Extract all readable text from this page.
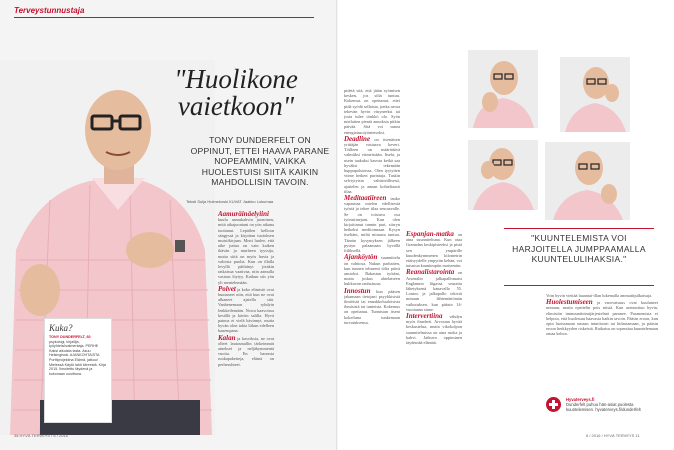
Terveystunnustaja
"Huolikone
vaietkoon"
TONY DUNDERFELT ON OPPINUT, ETTEI HAAVA PARANE NOPEAMMIN, VAIKKA HUOLESTUISI SIITÄ KAIKIN MAHDOLLISIN TAVOIN.
Teksti Sulja Hulmekoski KUVAT Jaakko Lukumaa

Aamuräinäelyiini kuulu aamukahvin juominen, mitä aikajuontani on yön aikana tuottanut. Lepäilen kelloon sängyssä ja kirjoitan tuotoksen muistikirjaan. Moni luulee, että aihe juttua on vain kaiken ikävän ja murheen tyyssija, mutta siitä on myös huvia ja valoisia puolia. Kun on illalla levyllä päihtinyt jotakin ratkaisua vaativaa, niin aamulla vastaus löytyy. Kaikun siis yön yli mentelemään.

Polvet ja koko elimistö ovat huutaneet niin, että kun ne ovat alkaneet ajatella sitä. Vanhenemaan ryhdyin lenkkeilemään. Nowa kaavoissa kesällä ja käviin salilla. Hyvä painoa ei vielä hävinnyt, mutta hyvän olon takia liikun edelleen kauempana.

Kalan ja kasviksia, ne ovat olleet lautasmallin tärkeimmät ainekset ja neljäkymmentä vuotta. En harrasta ruokapaketteja, elämä on perhesuhteet.

Kuka?
TONY DUNDERFELT, 60
psykologi, kirjailija, työyhteisövalmentaja. PERHE Kaksi aikuista lasta. Asuu Helsingissä. AJANKOHTAISTA Porttiprojektina Elämä, jatkuu! Mielessä Käytö lahti kiireestä. Kirja 2015. Ilmoitettu täydenä ja kokonaan uusittuna.
38 HYVÄ TERVEYS / 6 / 2016

pidetä sitä, että jätän syömisen kesken, jos siltä tuntuu. Kokemus on opettanut, ettei pidä syödä sellaista, jonka arvaa tekevän hyvin väsyneeksi tai josta tulee tönkkö olo. Syön mieluiten pieniä annoksia pitkin päivää. Sitä voi sanoa energiatasoiyönteiseksi.

Deadline on itsenäisen yrittäjän vastaava keveri. Töilleen on määrättävä valmiiksi viimeistään. Itsehi, ja usein taakaksi kasvaa ketkä saa hyväksi tekemään huppupalstoissa. Olen tyytyiten viime hetken purintaja. Tuskin selviytyisin vahtirieillisesti, ajattelen ja annan kohteliaasti tilaa.

Meditaatiireen tauko vapauttaa mielen edellisestä työstä ja tekee tilaa seuraavalle. Se on toistuva osa työrutiinejani. Kun olen kirjoittanut tunnin pari, siirryn hetkeksi meditoimaan. Kysyn itseltäni, miltä minusta tuntuu. Tämän kysymyksen jälkeen pystyn palaamaan hyvällä fiiliksellä.

Ajanköytön suunnittelu on vahtiosa. Nukun parhaiten, kun tunnen tehneeni tölta päivä ansioksi. Rakastan työtäni, mutta joskus ahtelaiseen hukkuvan rauhaisuus.

Innostun kun pääsen jakamaan tietojani psyykkisistä ilmiöistä tai ennakkoluuloisista ihmisistä tai tunteista. Kokemus on opettanut. Tunnistan itseni kokeiluna tunkemaan turvatuksensa.

Espanjan-matka on aina suunniteltuna. Kun otaa Granadan keskipisteeksi ja pistä sen ympärille kuudenkymmenen kilometrin etäisyydelle ympyrän kehän, voi tutustua kauniimpiin maisemiin.

Reanalistarointa on Arsenalin jalkapallomatsi Englannin liigassa seurattu lähetyksenä kanavalla 55. Lontoo ja jalkapallo tekivät minuun lähtemättömän vaikutuksen, kun pääsin 14-vuotiaana sinne.

Intervertiina vähdyn myös ilmeheti. Arvostan hyvää keskustelua, mutta vikokolpon suunnitelmissa on aina ruoka ja kahvi. Jatkuva oppiminen täydentää elämää.

"KUUNTELEMISTA VOI HARJOITELLA JUMPPAAMALLA KUUNTELULIHAKSIA."

Voin hyvin viettää lauantai-illan lukemalla ammattijulkaisuja.

Huolestumiseen ja varovaisuus ovat kuuluneet minuun, mutta opettelin pois niistä. Kun asennoituu hyvin, elimistön immuunitoimijärjestelmä paranee. Paranemista ei helpota, että huolestuu haavasta kaikin tavoin. Pääsin eroon, kun opin luottamaan omaan intuitiooni tai hidastamaan, ja pääsin eroon herkkyyden riskeistä. Ratkaisu on sopeuttaa kuuntelemaan omaa kehoa.

Hyvaterveys.fi
Dunderfelt puhuu hän-asiat puolesta kuuntelemisen. hyvaterveys.fi/dunderfelt
6 / 2016 / HYVÄ TERVEYS 11
